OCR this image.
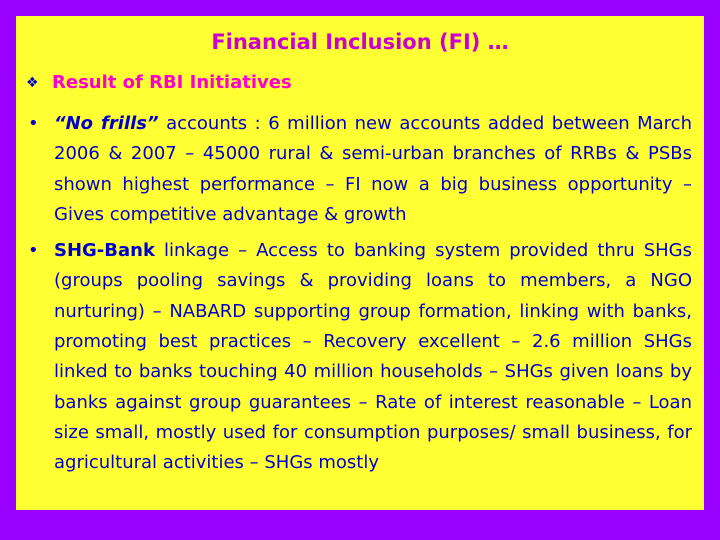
Financial Inclusion (FI) …
❖ Result of RBI Initiatives
• “No frills” accounts : 6 million new accounts added between March 2006 & 2007 – 45000 rural & semi-urban branches of RRBs & PSBs shown highest performance – FI now a big business opportunity – Gives competitive advantage & growth
• SHG-Bank linkage – Access to banking system provided thru SHGs (groups pooling savings & providing loans to members, a NGO nurturing) – NABARD supporting group formation, linking with banks, promoting best practices – Recovery excellent – 2.6 million SHGs linked to banks touching 40 million households – SHGs given loans by banks against group guarantees – Rate of interest reasonable – Loan size small, mostly used for consumption purposes/ small business, for agricultural activities – SHGs mostly
